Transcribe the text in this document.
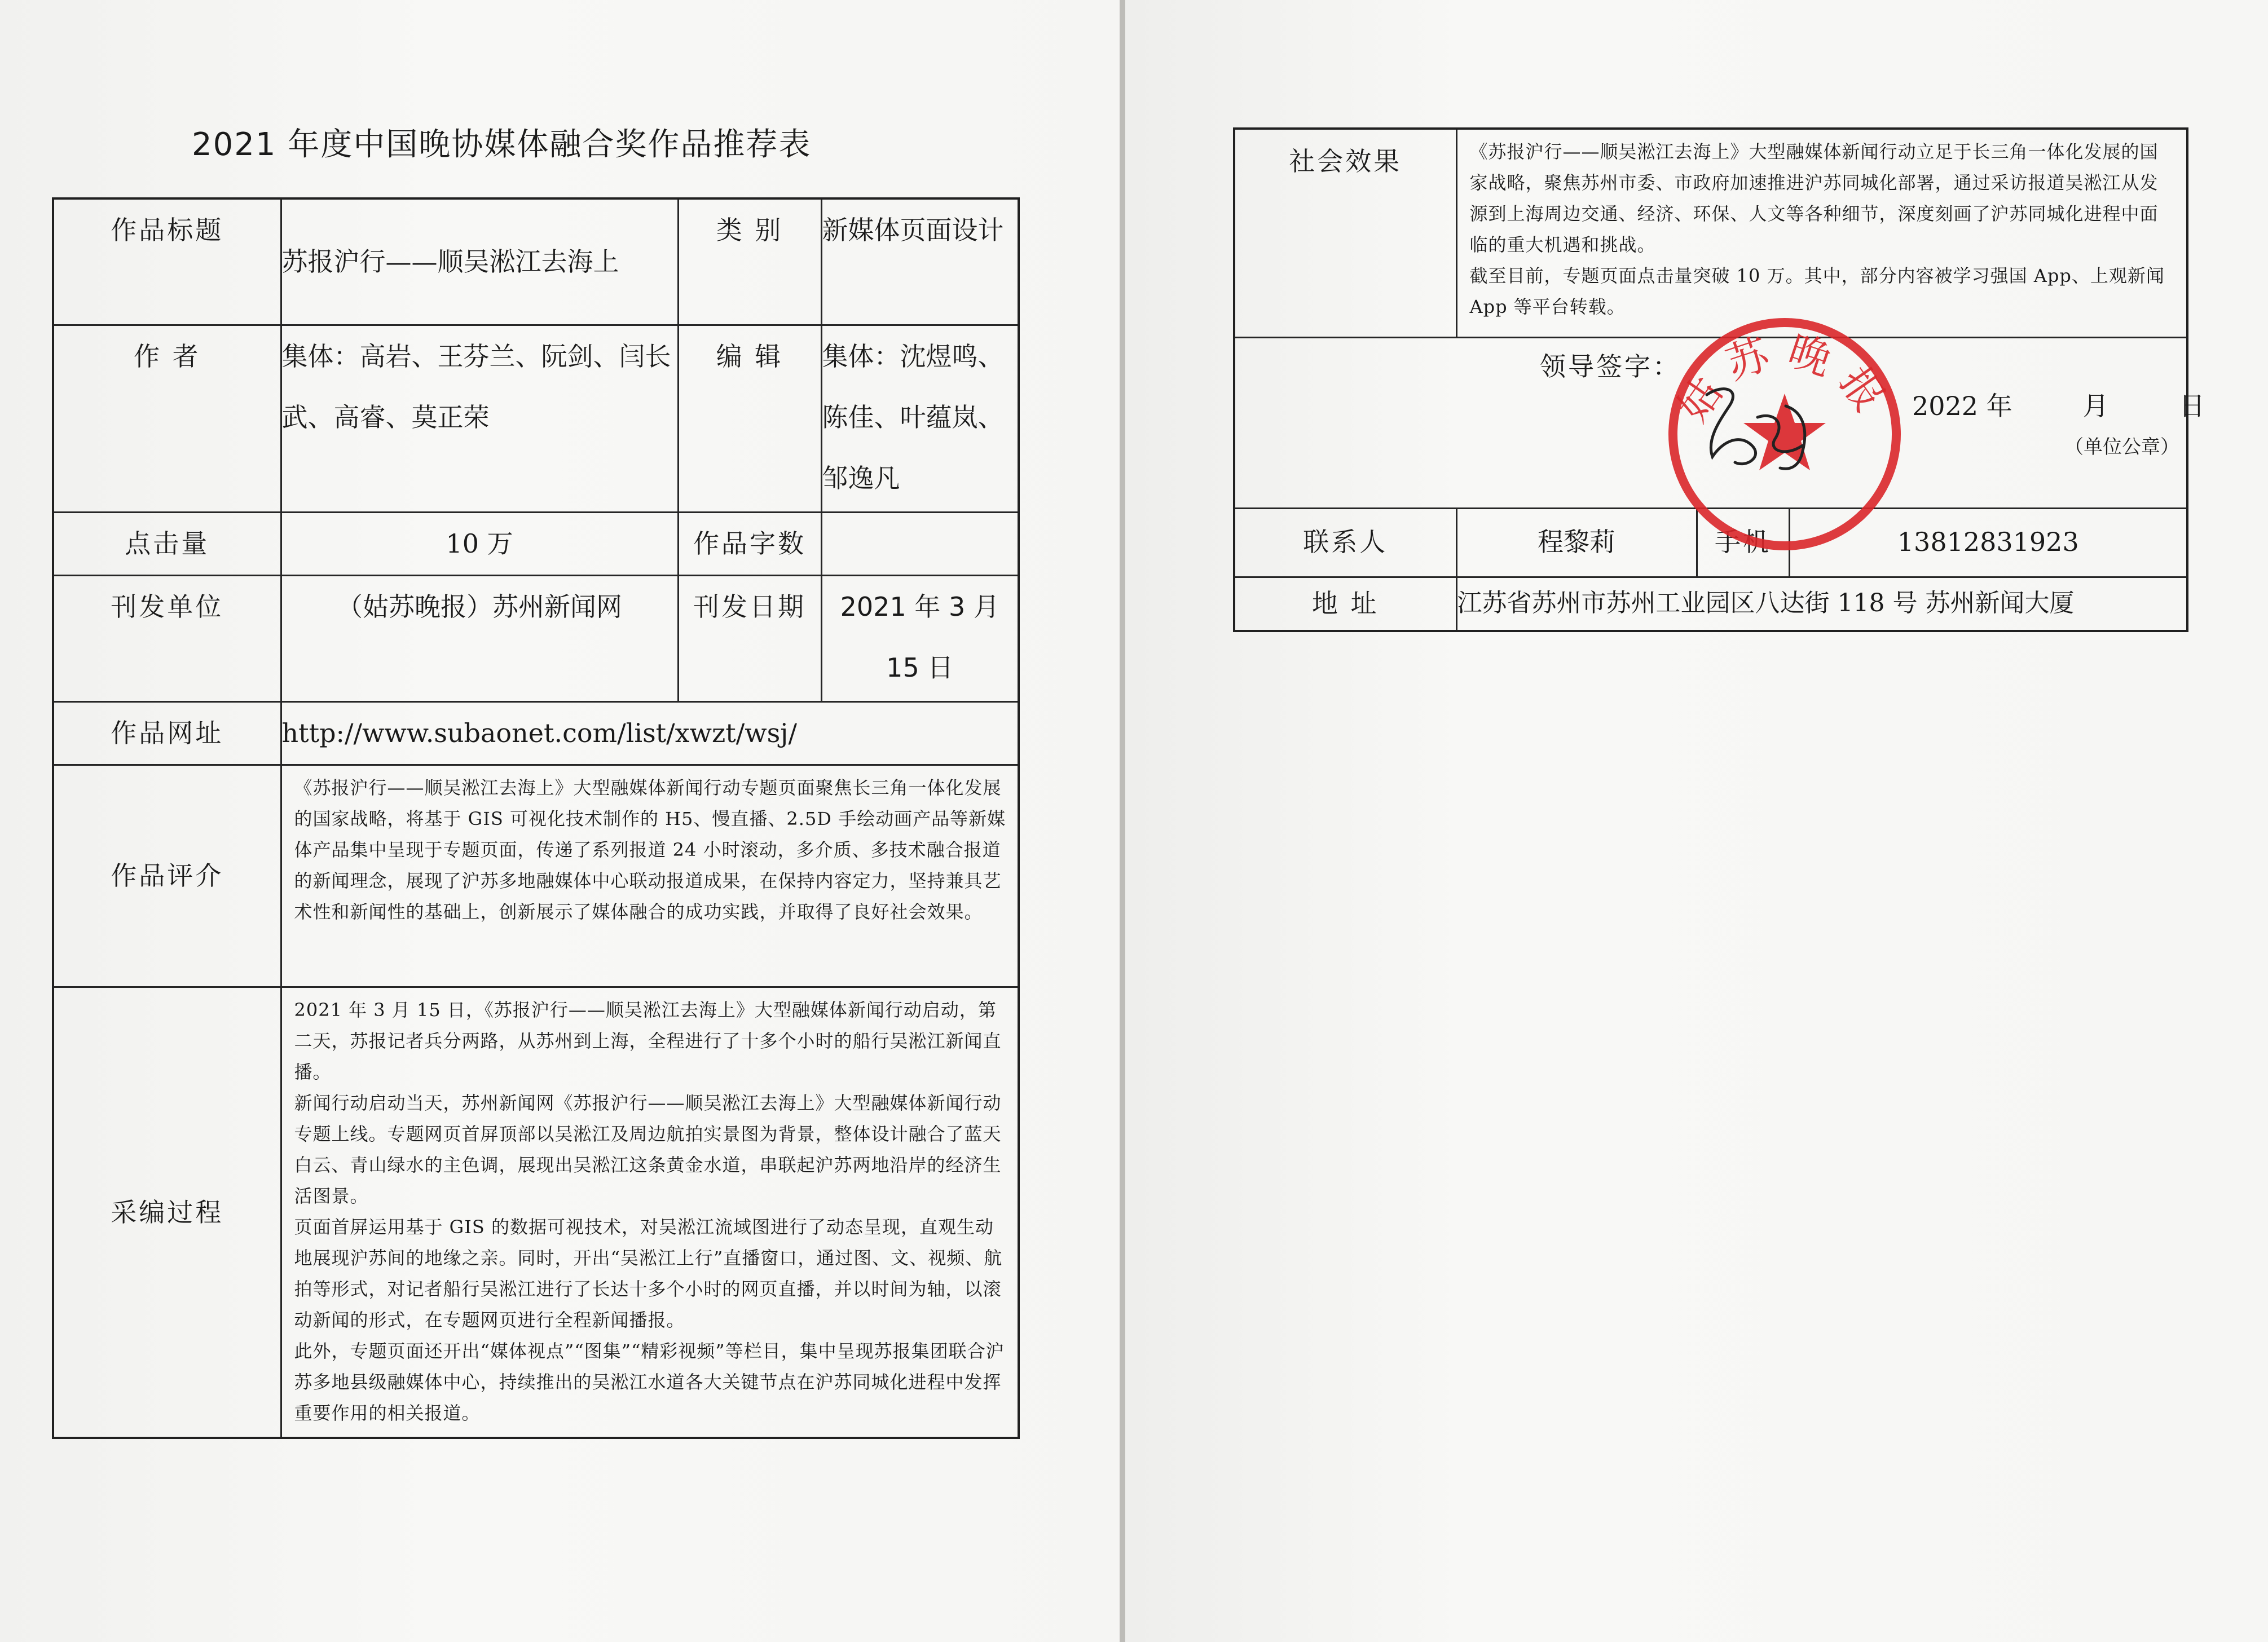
2021 年度中国晚协媒体融合奖作品推荐表
作品标题	苏报沪行——顺吴淞江去海上	类 别	新媒体页面设计
作 者	集体：高岩、王芬兰、阮剑、闫长武、高睿、莫正荣	编 辑	集体：沈煜鸣、陈佳、叶蕴岚、邹逸凡
点击量	10 万	作品字数	
刊发单位	（姑苏晚报）苏州新闻网	刊发日期	2021 年 3 月 15 日
作品网址	http://www.subaonet.com/list/xwzt/wsj/		
作品评介	《苏报沪行——顺吴淞江去海上》大型融媒体新闻行动专题页面聚焦长三角一体化发展的国家战略，将基于 GIS 可视化技术制作的 H5、慢直播、2.5D 手绘动画产品等新媒体产品集中呈现于专题页面，传递了系列报道 24 小时滚动，多介质、多技术融合报道的新闻理念，展现了沪苏多地融媒体中心联动报道成果，在保持内容定力，坚持兼具艺术性和新闻性的基础上，创新展示了媒体融合的成功实践，并取得了良好社会效果。		

采编过程	2021 年 3 月 15 日，《苏报沪行——顺吴淞江去海上》大型融媒体新闻行动启动，第二天，苏报记者兵分两路，从苏州到上海，全程进行了十多个小时的船行吴淞江新闻直播。

新闻行动启动当天，苏州新闻网《苏报沪行——顺吴淞江去海上》大型融媒体新闻行动专题上线。专题网页首屏顶部以吴淞江及周边航拍实景图为背景，整体设计融合了蓝天白云、青山绿水的主色调，展现出吴淞江这条黄金水道，串联起沪苏两地沿岸的经济生活图景。

页面首屏运用基于 GIS 的数据可视技术，对吴淞江流域图进行了动态呈现，直观生动地展现沪苏间的地缘之亲。同时，开出“吴淞江上行”直播窗口，通过图、文、视频、航拍等形式，对记者船行吴淞江进行了长达十多个小时的网页直播，并以时间为轴，以滚动新闻的形式，在专题网页进行全程新闻播报。

此外，专题页面还开出“媒体视点”“图集”“精彩视频”等栏目，集中呈现苏报集团联合沪苏多地县级融媒体中心，持续推出的吴淞江水道各大关键节点在沪苏同城化进程中发挥重要作用的相关报道。		

社会效果	《苏报沪行——顺吴淞江去海上》大型融媒体新闻行动立足于长三角一体化发展的国家战略，聚焦苏州市委、市政府加速推进沪苏同城化部署，通过采访报道吴淞江从发源到上海周边交通、经济、环保、人文等各种细节，深度刻画了沪苏同城化进程中面临的重大机遇和挑战。

截至目前，专题页面点击量突破 10 万。其中，部分内容被学习强国 App、上观新闻 App 等平台转载。		

领导签字：
姑苏晚报 2022 年 月 日
（单位公章）			

联系人	程黎莉	手机	13812831923
地 址	江苏省苏州市苏州工业园区八达街 118 号 苏州新闻大厦		
